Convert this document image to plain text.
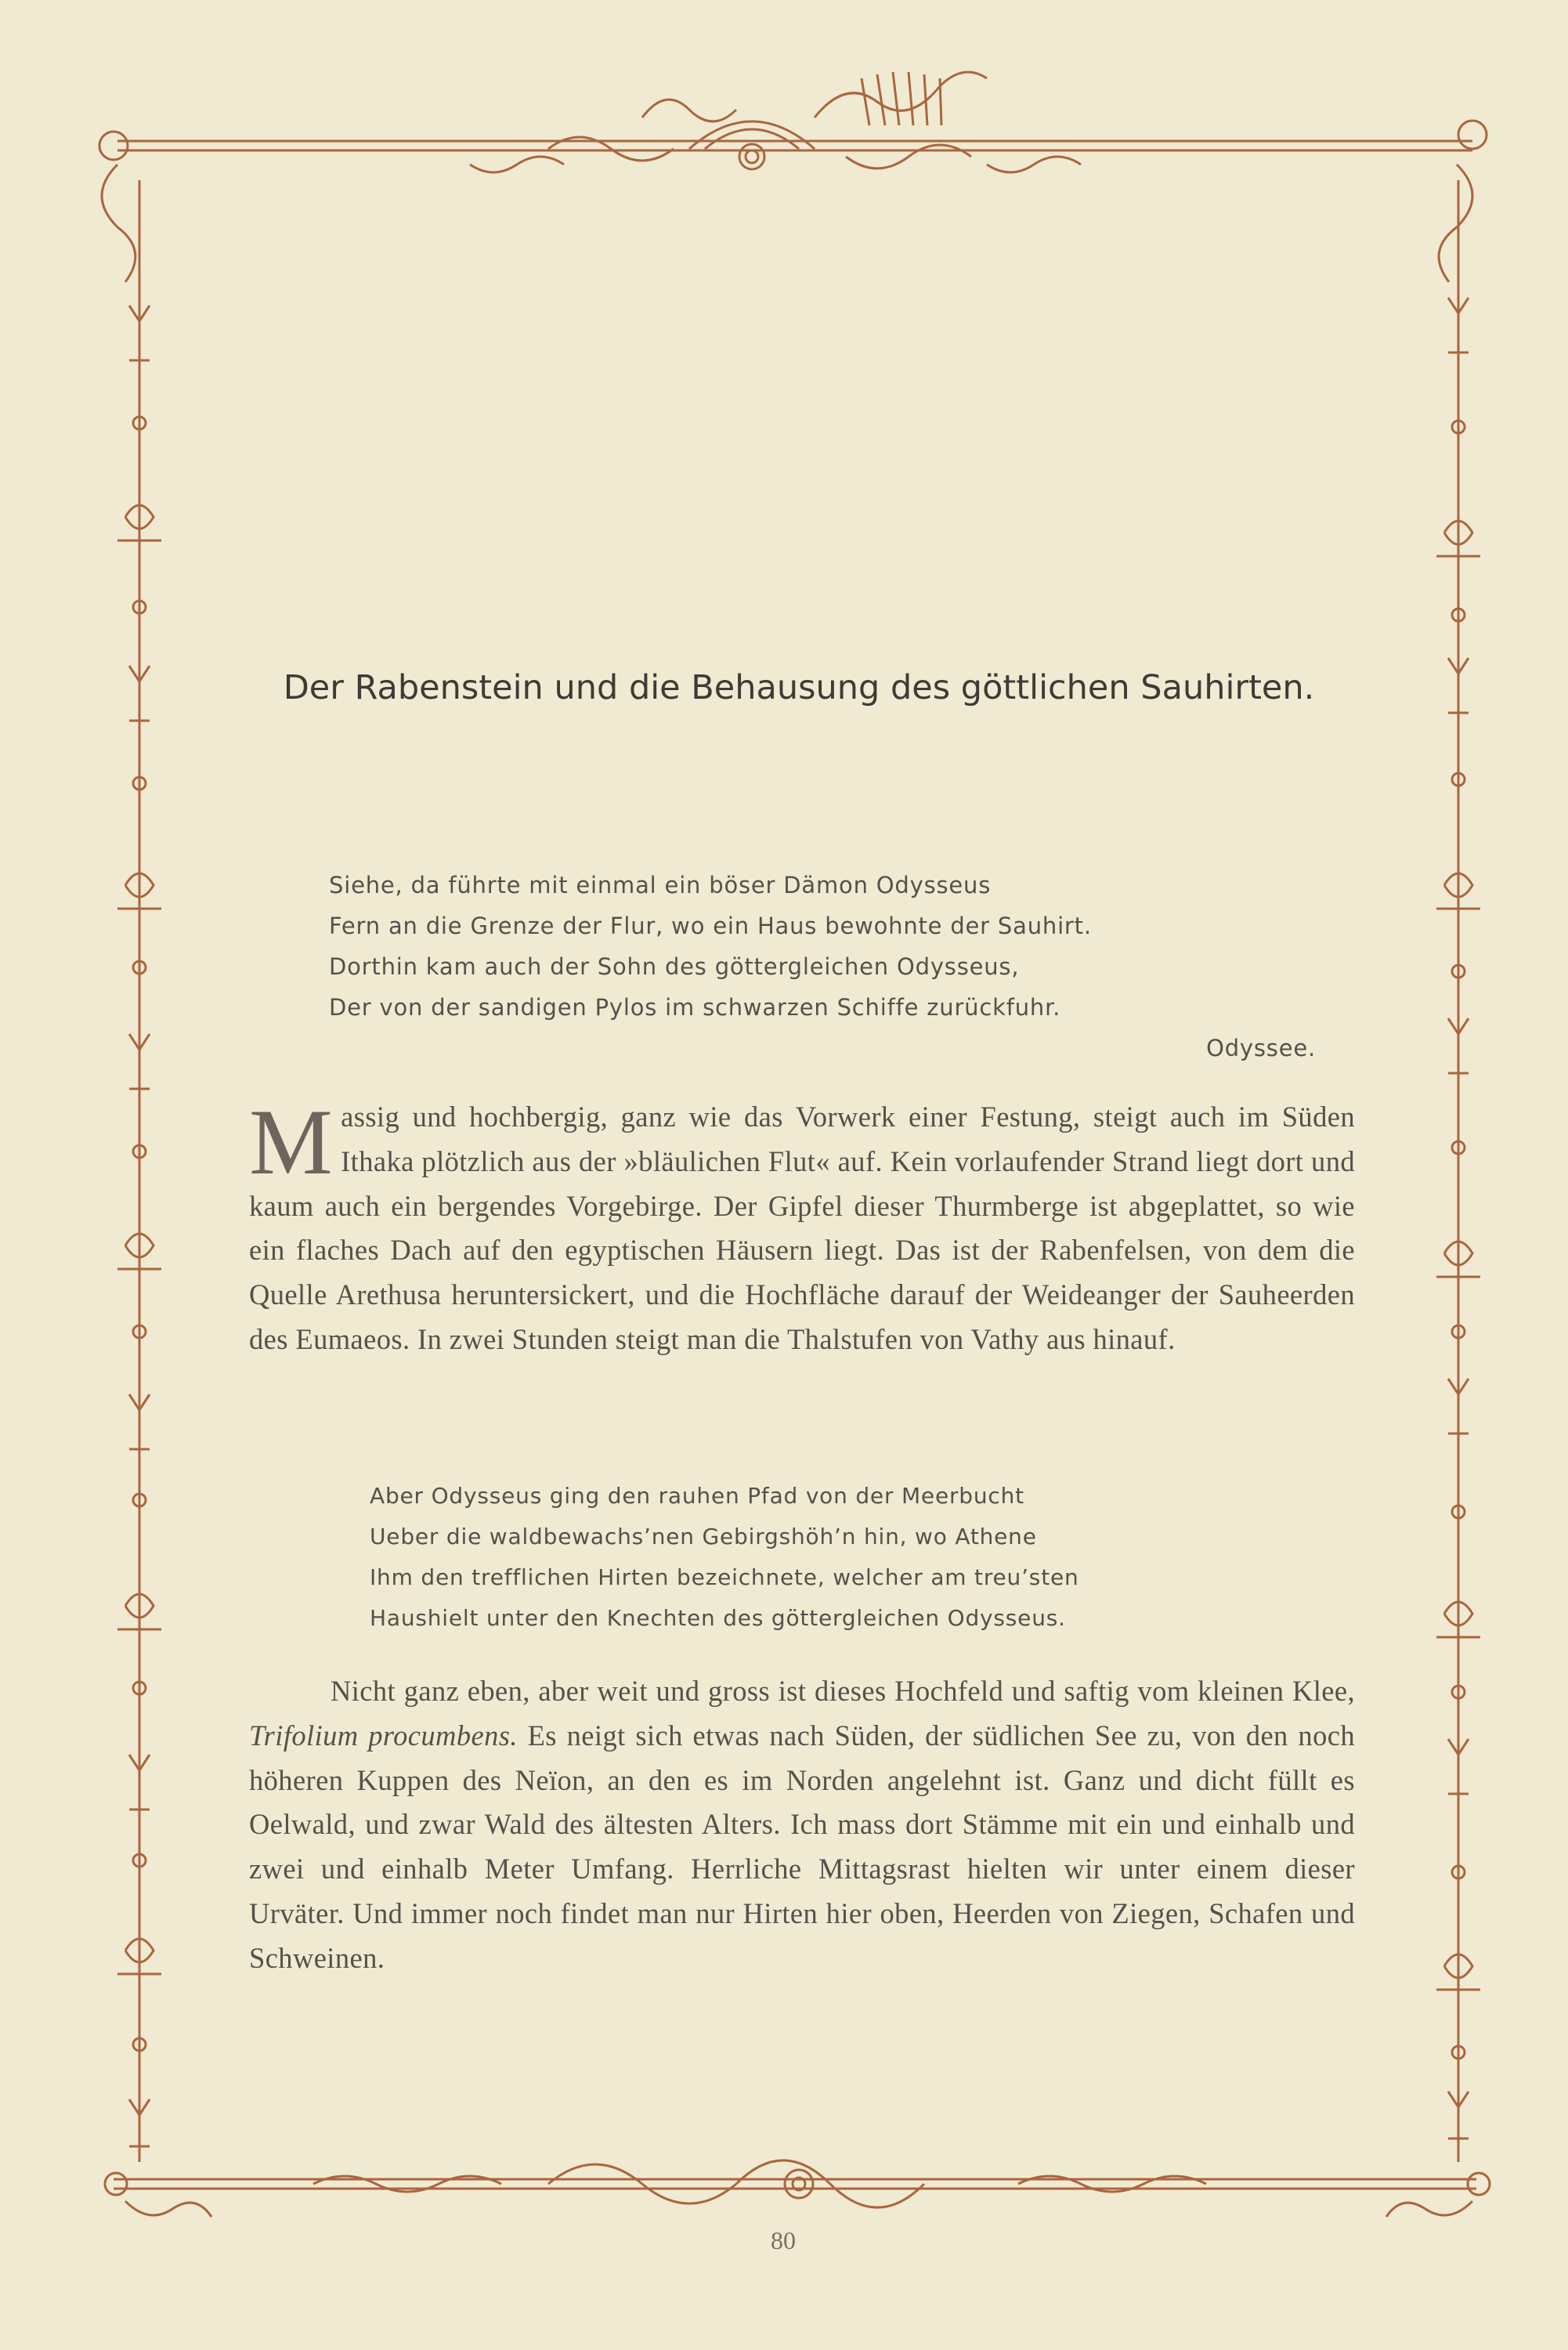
Der Rabenstein und die Behausung des göttlichen Sauhirten.
Siehe, da führte mit einmal ein böser Dämon Odysseus
Fern an die Grenze der Flur, wo ein Haus bewohnte der Sauhirt.
Dorthin kam auch der Sohn des göttergleichen Odysseus,
Der von der sandigen Pylos im schwarzen Schiffe zurückfuhr.
Odyssee.
Massig und hochbergig, ganz wie das Vorwerk einer Festung, steigt auch im Süden Ithaka plötzlich aus der »bläulichen Flut« auf. Kein vorlaufender Strand liegt dort und kaum auch ein bergendes Vorgebirge. Der Gipfel dieser Thurmberge ist abgeplattet, so wie ein flaches Dach auf den egyptischen Häusern liegt. Das ist der Rabenfelsen, von dem die Quelle Arethusa heruntersickert, und die Hochfläche darauf der Weideanger der Sauheerden des Eumaeos. In zwei Stunden steigt man die Thalstufen von Vathy aus hinauf.
Aber Odysseus ging den rauhen Pfad von der Meerbucht
Ueber die waldbewachs’nen Gebirgshöh’n hin, wo Athene
Ihm den trefflichen Hirten bezeichnete, welcher am treu’sten
Haushielt unter den Knechten des göttergleichen Odysseus.
Nicht ganz eben, aber weit und gross ist dieses Hochfeld und saftig vom kleinen Klee, Trifolium procumbens. Es neigt sich etwas nach Süden, der südlichen See zu, von den noch höheren Kuppen des Neïon, an den es im Norden angelehnt ist. Ganz und dicht füllt es Oelwald, und zwar Wald des ältesten Alters. Ich mass dort Stämme mit ein und einhalb und zwei und einhalb Meter Umfang. Herrliche Mittagsrast hielten wir unter einem dieser Urväter. Und immer noch findet man nur Hirten hier oben, Heerden von Ziegen, Schafen und Schweinen.
80
